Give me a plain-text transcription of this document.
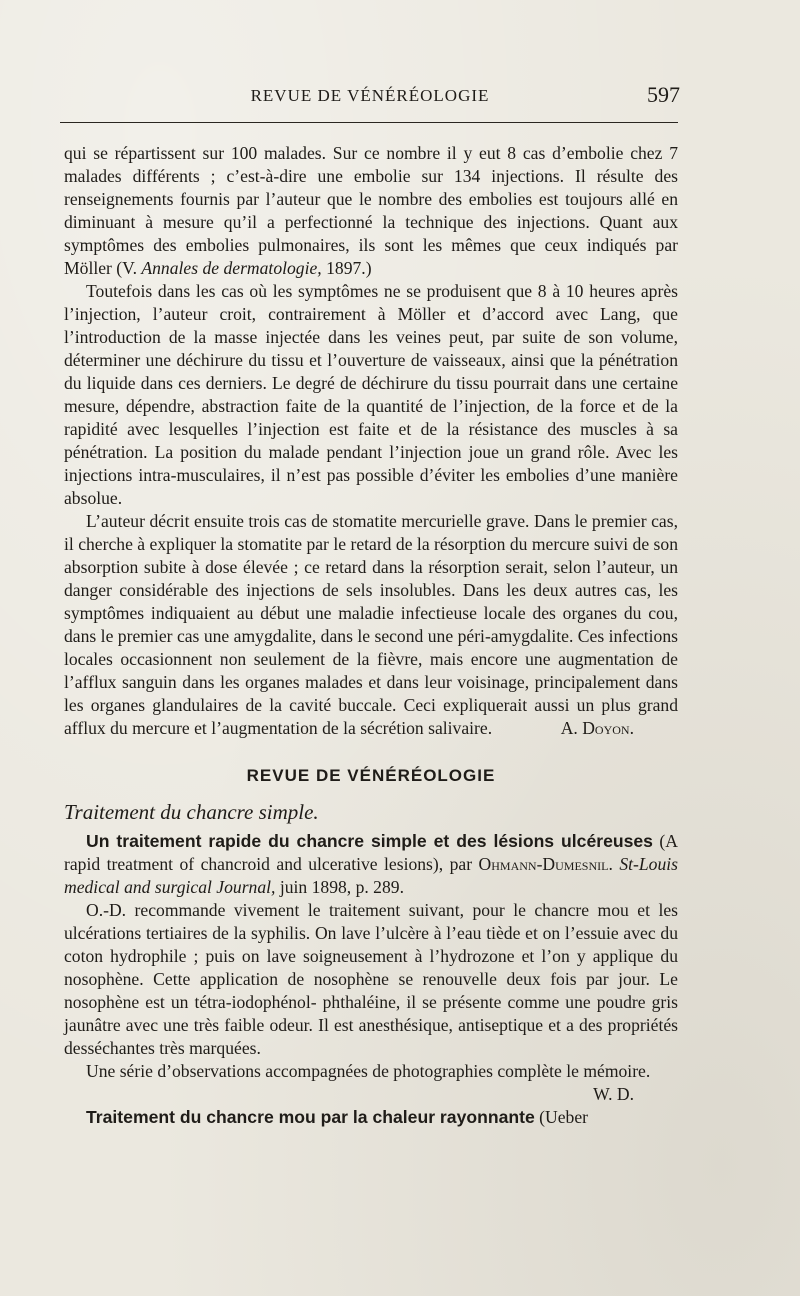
REVUE DE VÉNÉRÉOLOGIE	597

qui se répartissent sur 100 malades. Sur ce nombre il y eut 8 cas d’embolie chez 7 malades différents ; c’est-à-dire une embolie sur 134 injections. Il résulte des renseignements fournis par l’auteur que le nombre des embolies est toujours allé en diminuant à mesure qu’il a perfectionné la technique des injections. Quant aux symptômes des embolies pulmonaires, ils sont les mêmes que ceux indiqués par Möller (V. Annales de dermatologie, 1897.)

Toutefois dans les cas où les symptômes ne se produisent que 8 à 10 heures après l’injection, l’auteur croit, contrairement à Möller et d’accord avec Lang, que l’introduction de la masse injectée dans les veines peut, par suite de son volume, déterminer une déchirure du tissu et l’ouverture de vaisseaux, ainsi que la pénétration du liquide dans ces derniers. Le degré de déchirure du tissu pourrait dans une certaine mesure, dépendre, abstraction faite de la quantité de l’injection, de la force et de la rapidité avec lesquelles l’injection est faite et de la résistance des muscles à sa pénétration. La position du malade pendant l’injection joue un grand rôle. Avec les injections intra-musculaires, il n’est pas possible d’éviter les embolies d’une manière absolue.

L’auteur décrit ensuite trois cas de stomatite mercurielle grave. Dans le premier cas, il cherche à expliquer la stomatite par le retard de la résorption du mercure suivi de son absorption subite à dose élevée ; ce retard dans la résorption serait, selon l’auteur, un danger considérable des injections de sels insolubles. Dans les deux autres cas, les symptômes indiquaient au début une maladie infectieuse locale des organes du cou, dans le premier cas une amygdalite, dans le second une péri-amygdalite. Ces infections locales occasionnent non seulement de la fièvre, mais encore une augmentation de l’afflux sanguin dans les organes malades et dans leur voisinage, principalement dans les organes glandulaires de la cavité buccale. Ceci expliquerait aussi un plus grand afflux du mercure et l’augmentation de la sécrétion salivaire.	A. Doyon.

REVUE DE VÉNÉRÉOLOGIE
Traitement du chancre simple.

Un traitement rapide du chancre simple et des lésions ulcéreuses (A rapid treatment of chancroid and ulcerative lesions), par Ohmann-Dumesnil. St-Louis medical and surgical Journal, juin 1898, p. 289.

O.-D. recommande vivement le traitement suivant, pour le chancre mou et les ulcérations tertiaires de la syphilis. On lave l’ulcère à l’eau tiède et on l’essuie avec du coton hydrophile ; puis on lave soigneusement à l’hydrozone et l’on y applique du nosophène. Cette application de nosophène se renouvelle deux fois par jour. Le nosophène est un tétra-iodophénol- phthaléine, il se présente comme une poudre gris jaunâtre avec une très faible odeur. Il est anesthésique, antiseptique et a des propriétés desséchantes très marquées.

Une série d’observations accompagnées de photographies complète le mémoire.
W. D.

Traitement du chancre mou par la chaleur rayonnante (Ueber
